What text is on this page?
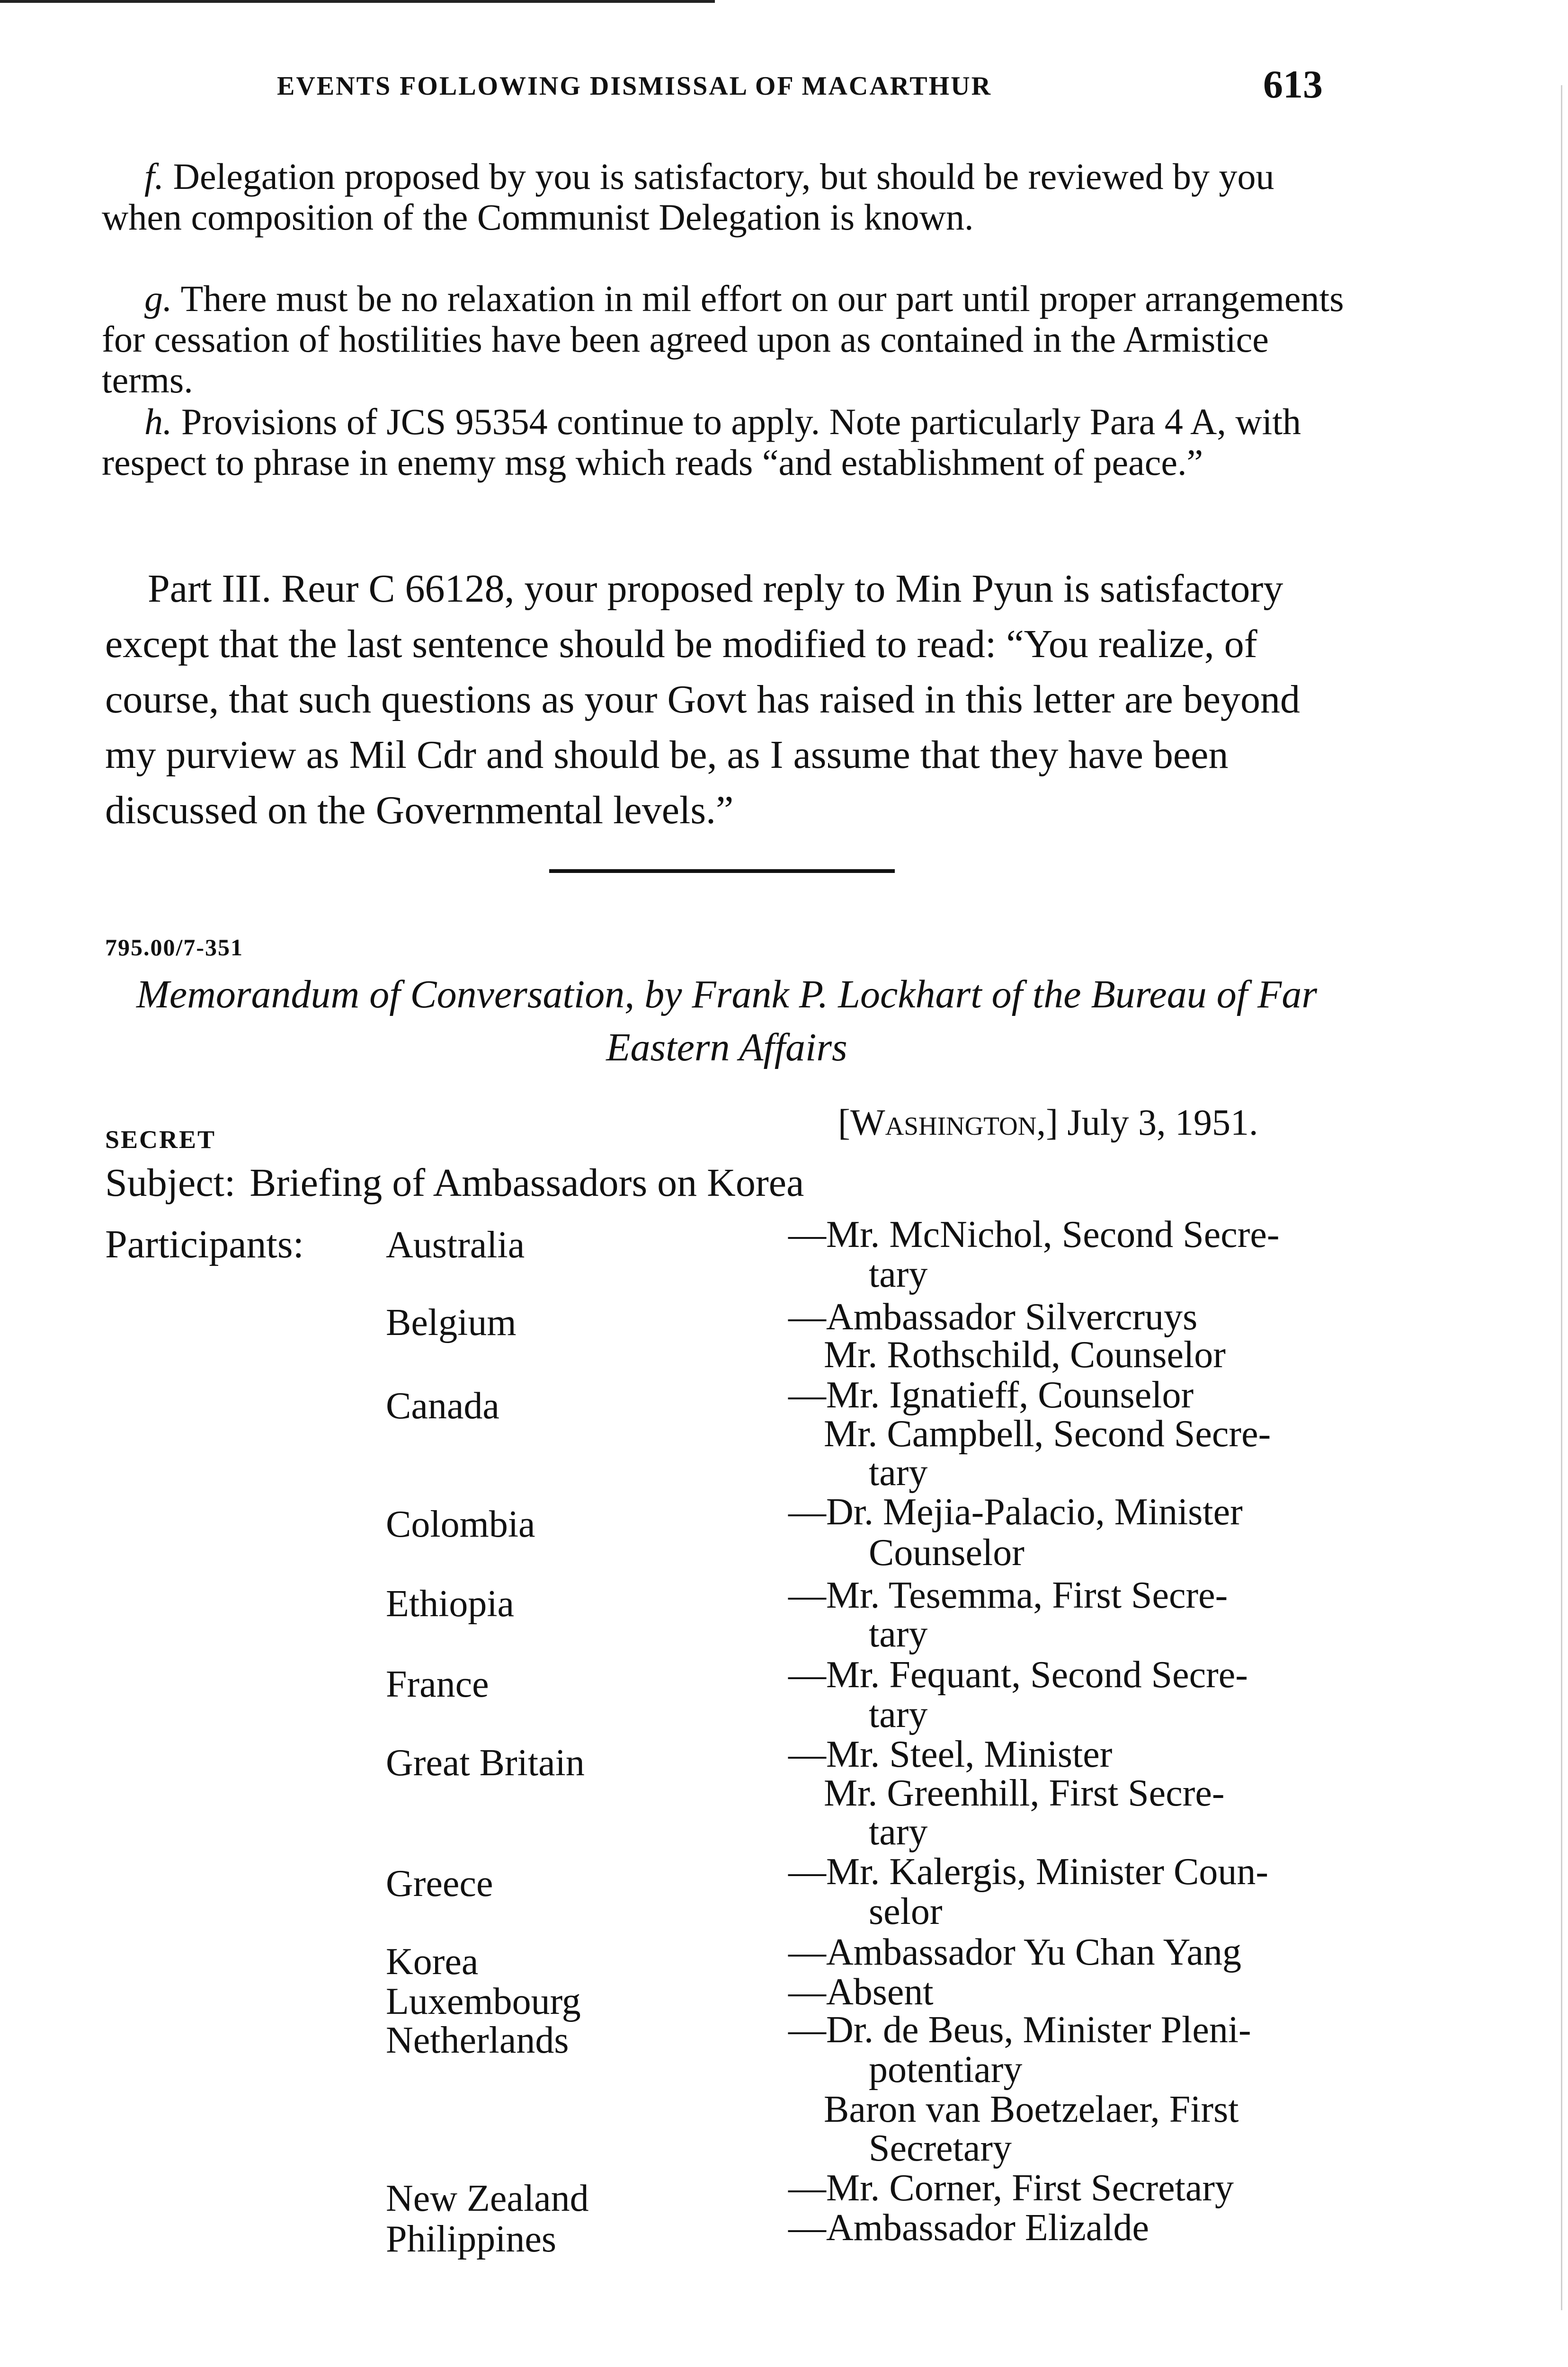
EVENTS FOLLOWING DISMISSAL OF MACARTHUR	613

f. Delegation proposed by you is satisfactory, but should be reviewed by you when composition of the Communist Delegation is known.

g. There must be no relaxation in mil effort on our part until proper arrangements for cessation of hostilities have been agreed upon as contained in the Armistice terms.

h. Provisions of JCS 95354 continue to apply. Note particularly Para 4 A, with respect to phrase in enemy msg which reads “and establishment of peace.”

Part III. Reur C 66128, your proposed reply to Min Pyun is satisfactory except that the last sentence should be modified to read: “You realize, of course, that such questions as your Govt has raised in this letter are beyond my purview as Mil Cdr and should be, as I assume that they have been discussed on the Governmental levels.”

795.00/7-351

Memorandum of Conversation, by Frank P. Lockhart of the Bureau of Far Eastern Affairs

SECRET	[Washington,] July 3, 1951.
Subject: Briefing of Ambassadors on Korea
Participants: Australia	—Mr. McNichol, Second Secre-
tary
Belgium	—Ambassador Silvercruys
Mr. Rothschild, Counselor
Canada	—Mr. Ignatieff, Counselor
Mr. Campbell, Second Secre-
tary
Colombia	—Dr. Mejia-Palacio, Minister
Counselor
Ethiopia	—Mr. Tesemma, First Secre-
tary
France	—Mr. Fequant, Second Secre-
tary
Great Britain	—Mr. Steel, Minister
Mr. Greenhill, First Secre-
tary
Greece	—Mr. Kalergis, Minister Coun-
selor
Korea	—Ambassador Yu Chan Yang
Luxembourg	—Absent
Netherlands	—Dr. de Beus, Minister Pleni-
potentiary
Baron van Boetzelaer, First
Secretary
New Zealand	—Mr. Corner, First Secretary
Philippines	—Ambassador Elizalde
